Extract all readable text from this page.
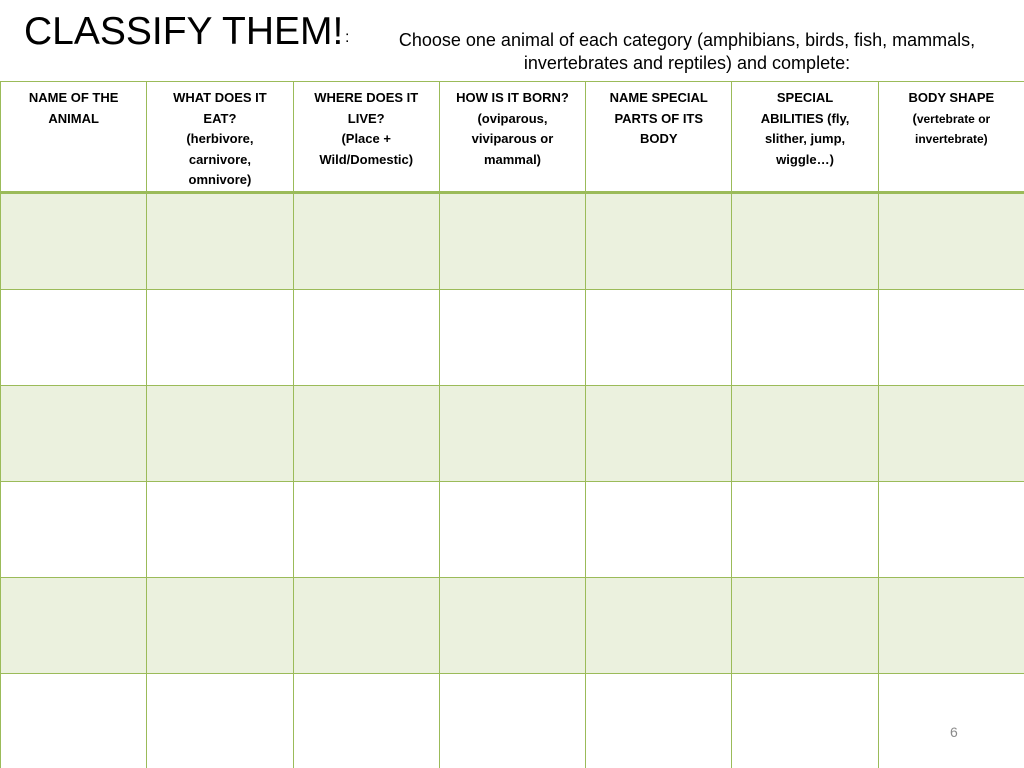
CLASSIFY THEM! :	Choose one animal of each category (amphibians, birds, fish, mammals,
invertebrates and reptiles) and complete:
NAME OF THE
ANIMAL	WHAT DOES IT
EAT?
(herbivore,
carnivore,
omnivore)	WHERE DOES IT
LIVE?
(Place +
Wild/Domestic)	HOW IS IT BORN?
(oviparous,
viviparous or
mammal)	NAME SPECIAL
PARTS OF ITS
BODY	SPECIAL
ABILITIES (fly,
slither, jump,
wiggle…)	BODY SHAPE
(vertebrate or
invertebrate)

6
